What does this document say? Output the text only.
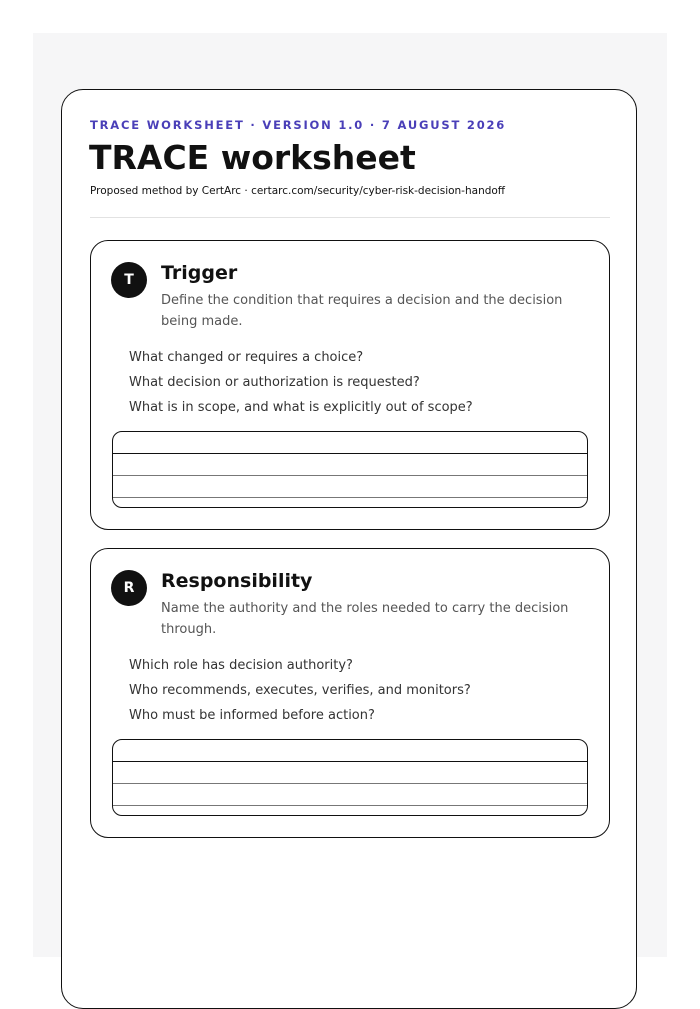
TRACE WORKSHEET · VERSION 1.0 · 7 AUGUST 2026
TRACE worksheet
Proposed method by CertArc · certarc.com/security/cyber-risk-decision-handoff
T	Trigger
Define the condition that requires a decision and the decision being made.
What changed or requires a choice?
What decision or authorization is requested?
What is in scope, and what is explicitly out of scope?
R	Responsibility
Name the authority and the roles needed to carry the decision through.
Which role has decision authority?
Who recommends, executes, verifies, and monitors?
Who must be informed before action?
